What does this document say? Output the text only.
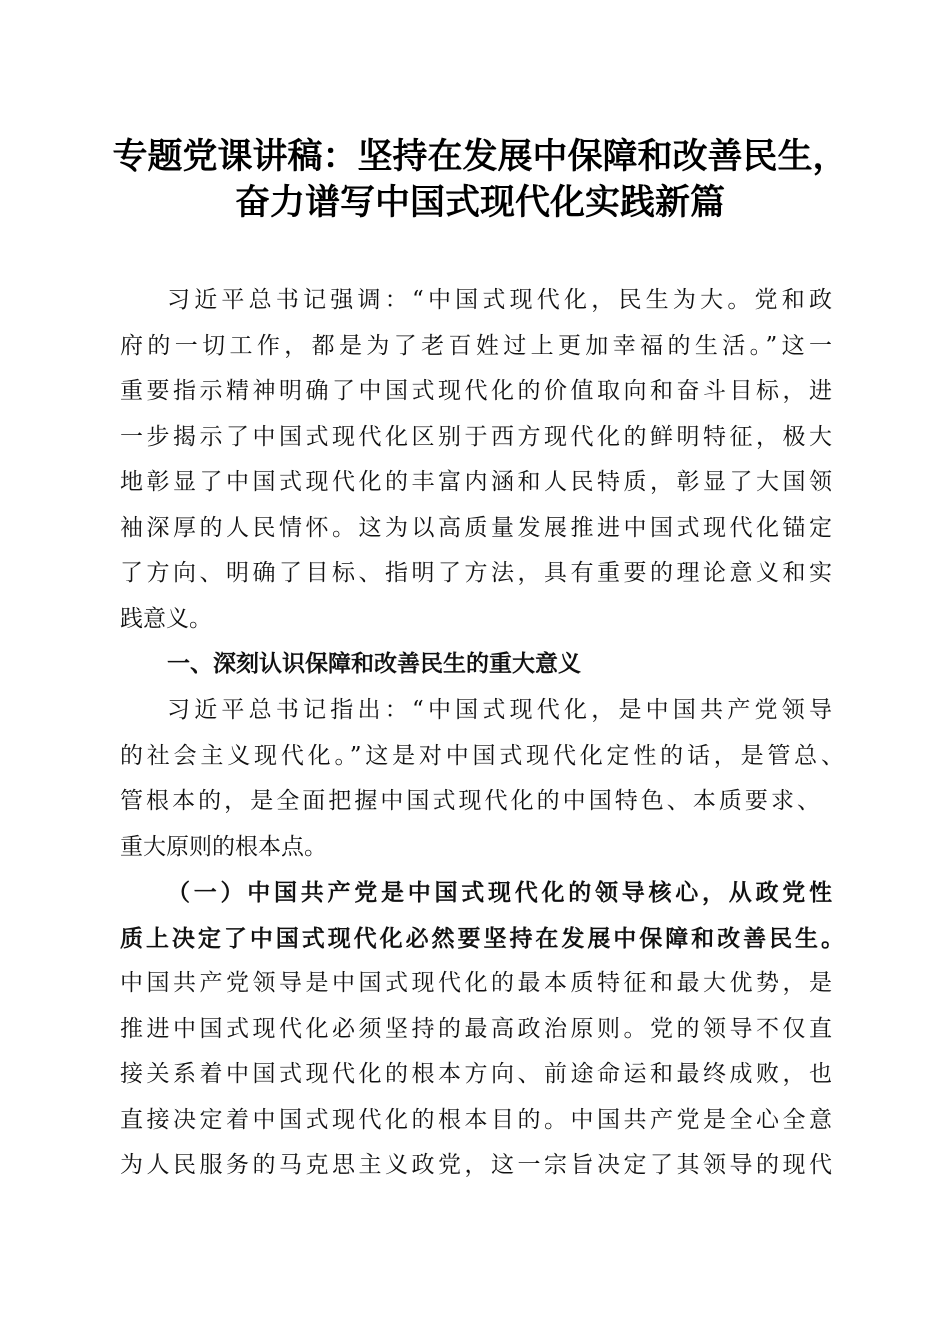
专题党课讲稿：坚持在发展中保障和改善民生，
奋力谱写中国式现代化实践新篇
习近平总书记强调：“中国式现代化，民生为大。党和政
府的一切工作，都是为了老百姓过上更加幸福的生活。”这一
重要指示精神明确了中国式现代化的价值取向和奋斗目标，进
一步揭示了中国式现代化区别于西方现代化的鲜明特征，极大
地彰显了中国式现代化的丰富内涵和人民特质，彰显了大国领
袖深厚的人民情怀。这为以高质量发展推进中国式现代化锚定
了方向、明确了目标、指明了方法，具有重要的理论意义和实
践意义。
一、深刻认识保障和改善民生的重大意义
习近平总书记指出：“中国式现代化，是中国共产党领导
的社会主义现代化。”这是对中国式现代化定性的话，是管总、
管根本的，是全面把握中国式现代化的中国特色、本质要求、
重大原则的根本点。
（一）中国共产党是中国式现代化的领导核心，从政党性
质上决定了中国式现代化必然要坚持在发展中保障和改善民生。
中国共产党领导是中国式现代化的最本质特征和最大优势，是
推进中国式现代化必须坚持的最高政治原则。党的领导不仅直
接关系着中国式现代化的根本方向、前途命运和最终成败，也
直接决定着中国式现代化的根本目的。中国共产党是全心全意
为人民服务的马克思主义政党，这一宗旨决定了其领导的现代
